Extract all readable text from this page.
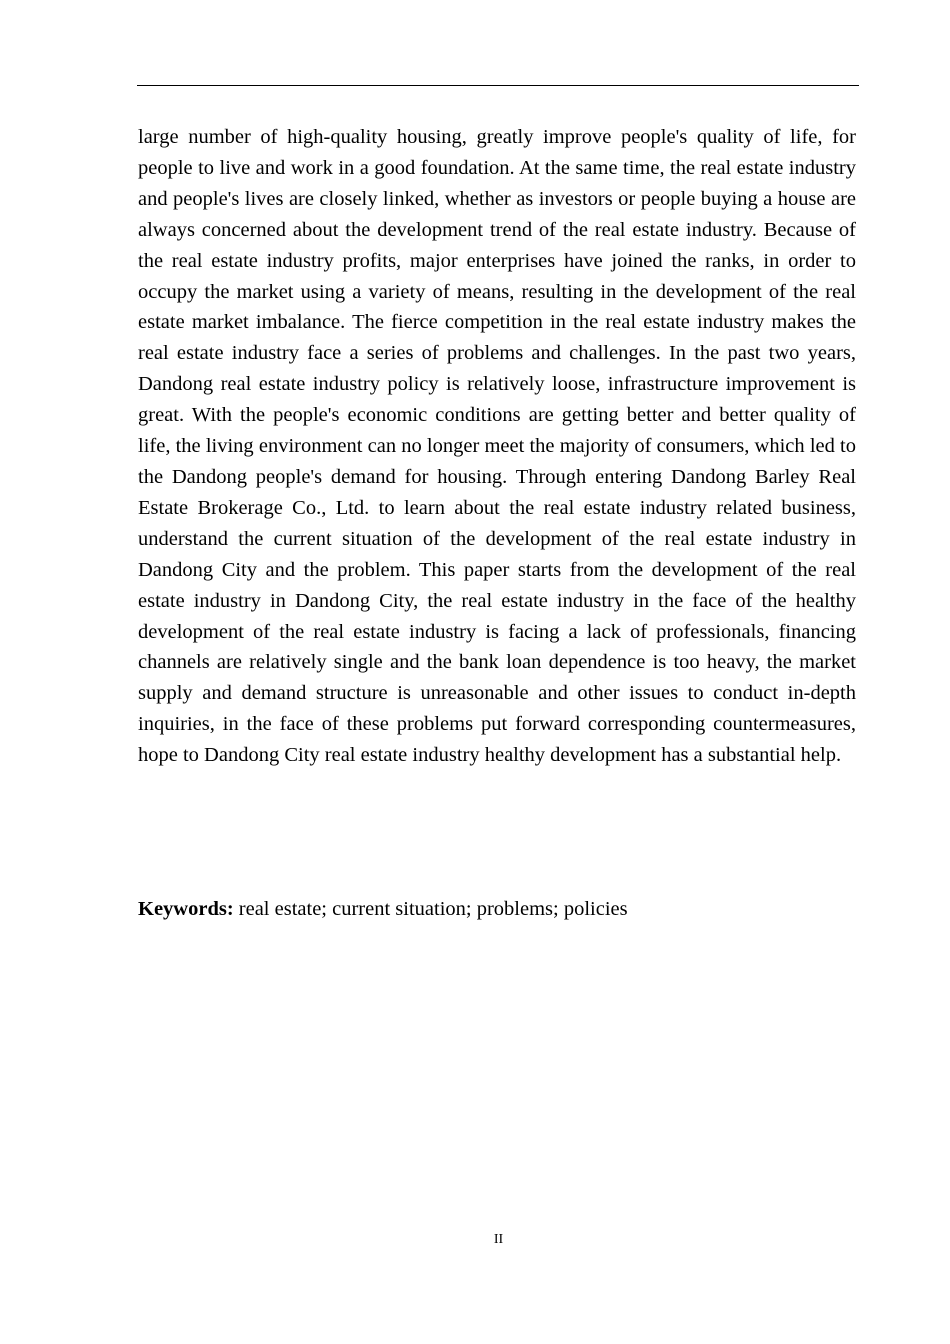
large number of high-quality housing, greatly improve people's quality of life, for people to live and work in a good foundation. At the same time, the real estate industry and people's lives are closely linked, whether as investors or people buying a house are always concerned about the development trend of the real estate industry. Because of the real estate industry profits, major enterprises have joined the ranks, in order to occupy the market using a variety of means, resulting in the development of the real estate market imbalance. The fierce competition in the real estate industry makes the real estate industry face a series of problems and challenges. In the past two years, Dandong real estate industry policy is relatively loose, infrastructure improvement is great. With the people's economic conditions are getting better and better quality of life, the living environment can no longer meet the majority of consumers, which led to the Dandong people's demand for housing. Through entering Dandong Barley Real Estate Brokerage Co., Ltd. to learn about the real estate industry related business, understand the current situation of the development of the real estate industry in Dandong City and the problem. This paper starts from the development of the real estate industry in Dandong City, the real estate industry in the face of the healthy development of the real estate industry is facing a lack of professionals, financing channels are relatively single and the bank loan dependence is too heavy, the market supply and demand structure is unreasonable and other issues to conduct in-depth inquiries, in the face of these problems put forward corresponding countermeasures, hope to Dandong City real estate industry healthy development has a substantial help.

Keywords: real estate; current situation; problems; policies

II
